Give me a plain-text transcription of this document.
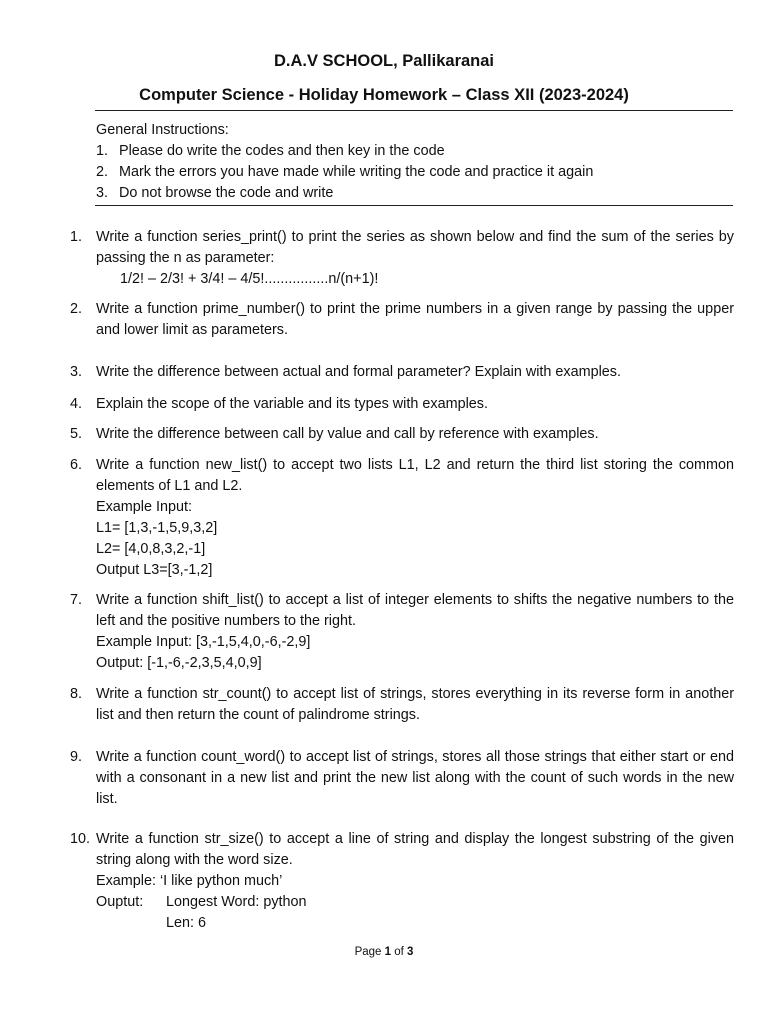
D.A.V SCHOOL, Pallikaranai
Computer Science - Holiday Homework – Class XII (2023-2024)
General Instructions:
1. Please do write the codes and then key in the code
2. Mark the errors you have made while writing the code and practice it again
3. Do not browse the code and write
1. Write a function series_print() to print the series as shown below and find the sum of the series by passing the n as parameter:
1/2! – 2/3! + 3/4! – 4/5!................n/(n+1)!
2. Write a function prime_number() to print the prime numbers in a given range by passing the upper and lower limit as parameters.
3. Write the difference between actual and formal parameter? Explain with examples.
4. Explain the scope of the variable and its types with examples.
5. Write the difference between call by value and call by reference with examples.
6. Write a function new_list() to accept two lists L1, L2 and return the third list storing the common elements of L1 and L2.
Example Input:
L1= [1,3,-1,5,9,3,2]
L2= [4,0,8,3,2,-1]
Output L3=[3,-1,2]
7. Write a function shift_list() to accept a list of integer elements to shifts the negative numbers to the left and the positive numbers to the right.
Example Input: [3,-1,5,4,0,-6,-2,9]
Output: [-1,-6,-2,3,5,4,0,9]
8. Write a function str_count() to accept list of strings, stores everything in its reverse form in another list and then return the count of palindrome strings.
9. Write a function count_word() to accept list of strings, stores all those strings that either start or end with a consonant in a new list and print the new list along with the count of such words in the new list.
10. Write a function str_size() to accept a line of string and display the longest substring of the given string along with the word size.
Example: ‘I like python much’
Ouptut:	Longest Word: python
Len: 6
Page 1 of 3
